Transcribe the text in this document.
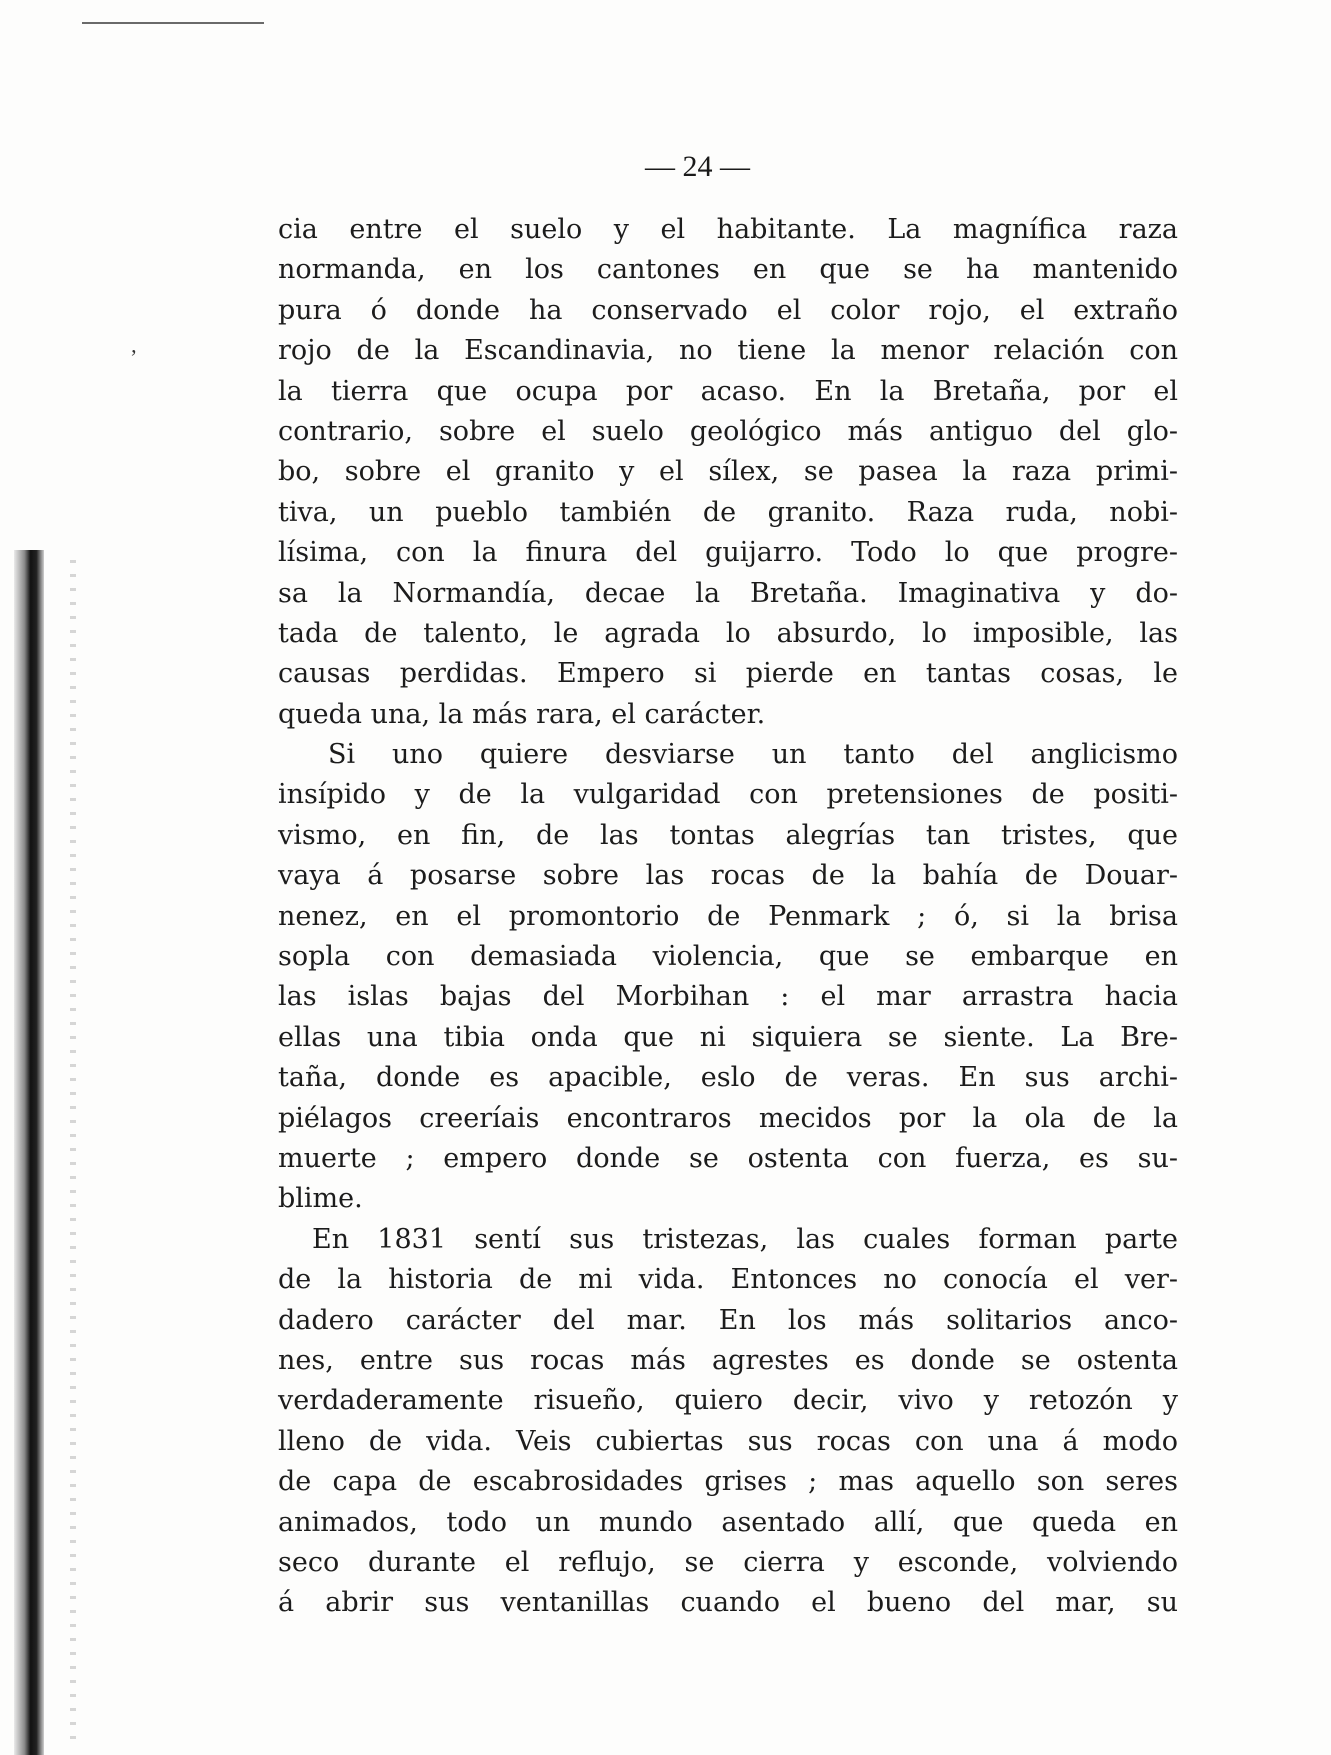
ʼ
— 24 —
cia entre el suelo y el habitante. La magnífica raza
normanda, en los cantones en que se ha mantenido
pura ó donde ha conservado el color rojo, el extraño
rojo de la Escandinavia, no tiene la menor relación con
la tierra que ocupa por acaso. En la Bretaña, por el
contrario, sobre el suelo geológico más antiguo del glo-
bo, sobre el granito y el sílex, se pasea la raza primi-
tiva, un pueblo también de granito. Raza ruda, nobi-
lísima, con la finura del guijarro. Todo lo que progre-
sa la Normandía, decae la Bretaña. Imaginativa y do-
tada de talento, le agrada lo absurdo, lo imposible, las
causas perdidas. Empero si pierde en tantas cosas, le
queda una, la más rara, el carácter.
Si uno quiere desviarse un tanto del anglicismo
insípido y de la vulgaridad con pretensiones de positi-
vismo, en fin, de las tontas alegrías tan tristes, que
vaya á posarse sobre las rocas de la bahía de Douar-
nenez, en el promontorio de Penmark ; ó, si la brisa
sopla con demasiada violencia, que se embarque en
las islas bajas del Morbihan : el mar arrastra hacia
ellas una tibia onda que ni siquiera se siente. La Bre-
taña, donde es apacible, eslo de veras. En sus archi-
piélagos creeríais encontraros mecidos por la ola de la
muerte ; empero donde se ostenta con fuerza, es su-
blime.
En 1831 sentí sus tristezas, las cuales forman parte
de la historia de mi vida. Entonces no conocía el ver-
dadero carácter del mar. En los más solitarios anco-
nes, entre sus rocas más agrestes es donde se ostenta
verdaderamente risueño, quiero decir, vivo y retozón y
lleno de vida. Veis cubiertas sus rocas con una á modo
de capa de escabrosidades grises ; mas aquello son seres
animados, todo un mundo asentado allí, que queda en
seco durante el reflujo, se cierra y esconde, volviendo
á abrir sus ventanillas cuando el bueno del mar, su
